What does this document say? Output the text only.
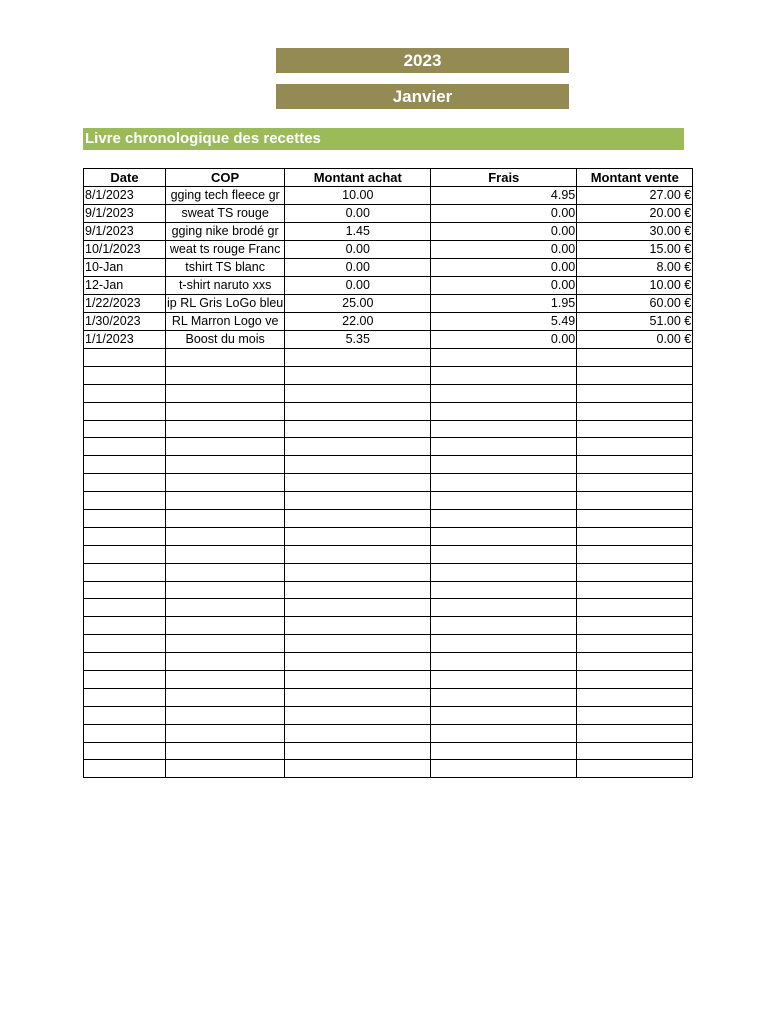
2023
Janvier
Livre chronologique des recettes
Date	COP	Montant achat	Frais	Montant vente
8/1/2023	gging tech fleece gr	10.00	4.95	27.00 €
9/1/2023	sweat TS rouge	0.00	0.00	20.00 €
9/1/2023	gging nike brodé gr	1.45	0.00	30.00 €
10/1/2023	weat ts rouge Franc	0.00	0.00	15.00 €
10-Jan	tshirt TS blanc	0.00	0.00	8.00 €
12-Jan	t-shirt naruto xxs	0.00	0.00	10.00 €
1/22/2023	ip RL Gris LoGo bleu	25.00	1.95	60.00 €
1/30/2023	RL Marron Logo ve	22.00	5.49	51.00 €
1/1/2023	Boost du mois	5.35	0.00	0.00 €
